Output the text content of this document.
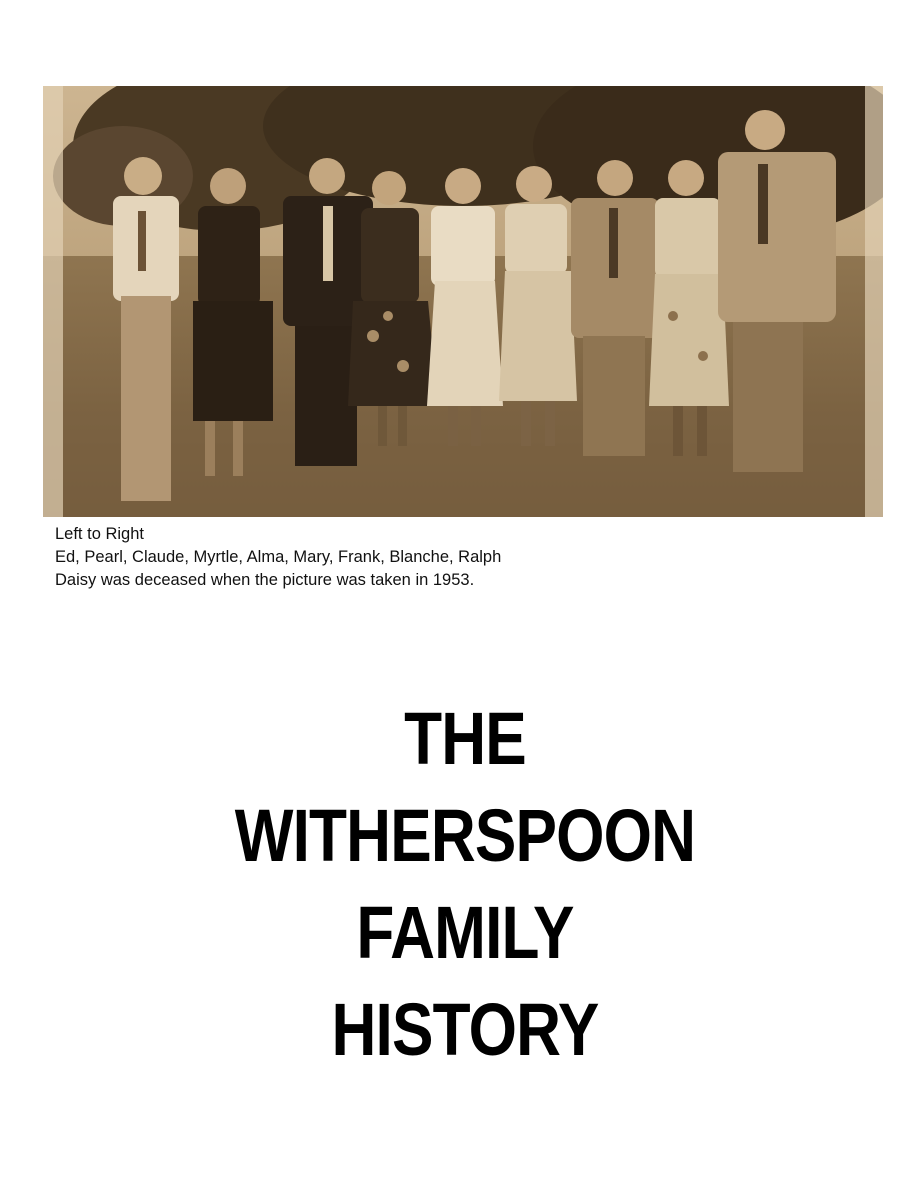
Left to Right
Ed, Pearl, Claude, Myrtle, Alma, Mary, Frank, Blanche, Ralph
Daisy was deceased when the picture was taken in 1953.
THE
WITHERSPOON
FAMILY
HISTORY
